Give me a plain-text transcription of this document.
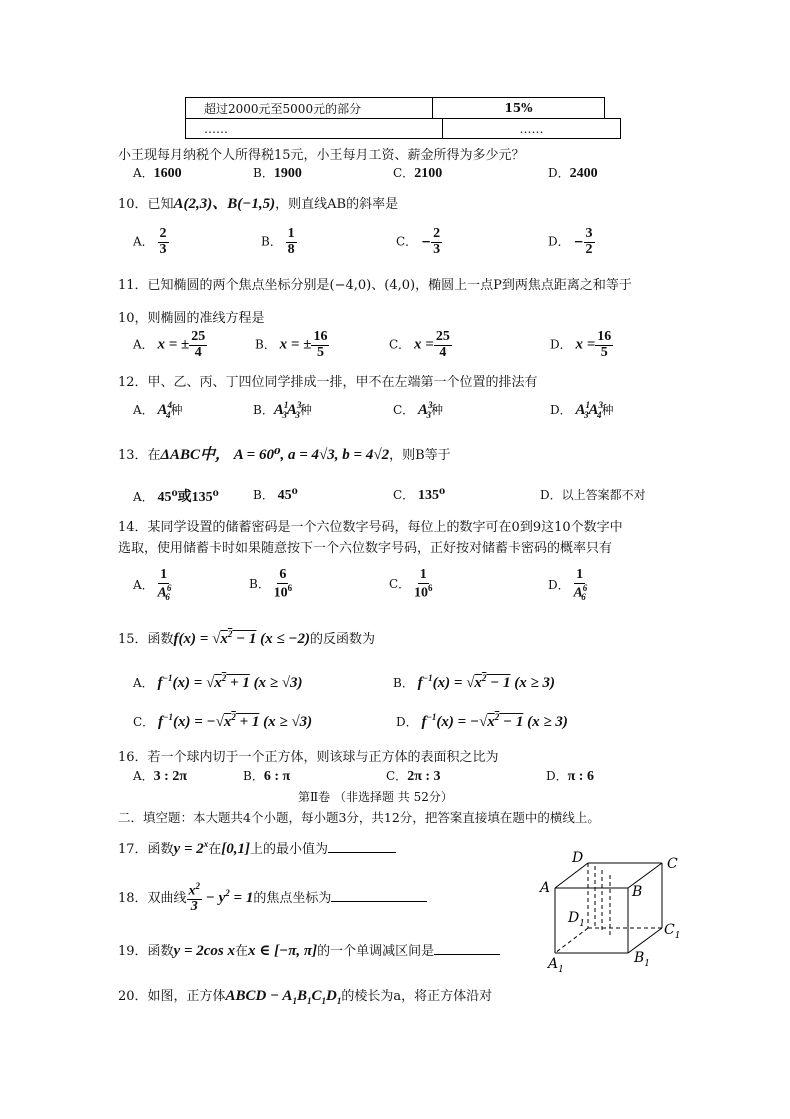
超过2000元至5000元的部分	15%
……	……
小王现每月纳税个人所得税15元，小王每月工资、薪金所得为多少元？
A．1600	B．1900	C．2100	D．2400
10．已知A(2,3)、B(−1,5)，则直线AB的斜率是
A． $\frac{2}{3}$	B． $\frac{1}{8}$	C． − $\frac{2}{3}$	D． − $\frac{3}{2}$
11．已知椭圆的两个焦点坐标分别是(−4,0)、(4,0)，椭圆上一点P到两焦点距离之和等于
10，则椭圆的准线方程是
A． x = ± $\frac{25}{4}$	B． x = ± $\frac{16}{5}$	C． $x = \frac{25}{4}$	D． $x = \frac{16}{5}$
12．甲、乙、丙、丁四位同学排成一排，甲不在左端第一个位置的排法有
A． $A^4_4$种	B．$A^1_3A^3_3$种	C． $A^3_3$种	D． $A^1_3A^3_4$种
13．在ΔABC中， A = 60⁰, a = 4√3, b = 4√2，则B等于
A． 45⁰或135⁰	B． 45⁰	C． 135⁰	D．以上答案都不对
14．某同学设置的储蓄密码是一个六位数字号码，每位上的数字可在0到9这10个数字中
选取，使用储蓄卡时如果随意按下一个六位数字号码，正好按对储蓄卡密码的概率只有
A． $\frac{1}{A^6_6}$	B． $\frac{6}{10^6}$	C． $\frac{1}{10^6}$	D． $\frac{1}{A^6_6}$
15．函数$f(x) = √x^2 - 1$ (x ≤ −2)的反函数为
A． $f^{-1}(x) = √x^2 + 1$ (x ≥ √3)	B． $f^{-1}(x) = √x^2 - 1$ (x ≥ 3)
C． $f^{-1}(x) = -√x^2 + 1$ (x ≥ √3)	D． $f^{-1}(x) = -√x^2 - 1$ (x ≥ 3)
16．若一个球内切于一个正方体，则该球与正方体的表面积之比为
A．3 : 2π	B．6 : π	C．2π : 3	D．π : 6
第Ⅱ卷 （非选择题 共 52分）
二．填空题：本大题共4个小题，每小题3分，共12分，把答案直接填在题中的横线上。
17．函数$y = 2^x$在[0,1]上的最小值为
18．双曲线 $\frac{x^2}{3} - y^2 = 1$的焦点坐标为
19．函数y = 2cos x在x ∈ [−π, π]的一个单调减区间是
20．如图，正方体ABCD − $A_1B_1C_1D_1$的棱长为a，将正方体沿对
D	C
A	B
$D_1$	$C_1$
$A_1$
$B_1$
